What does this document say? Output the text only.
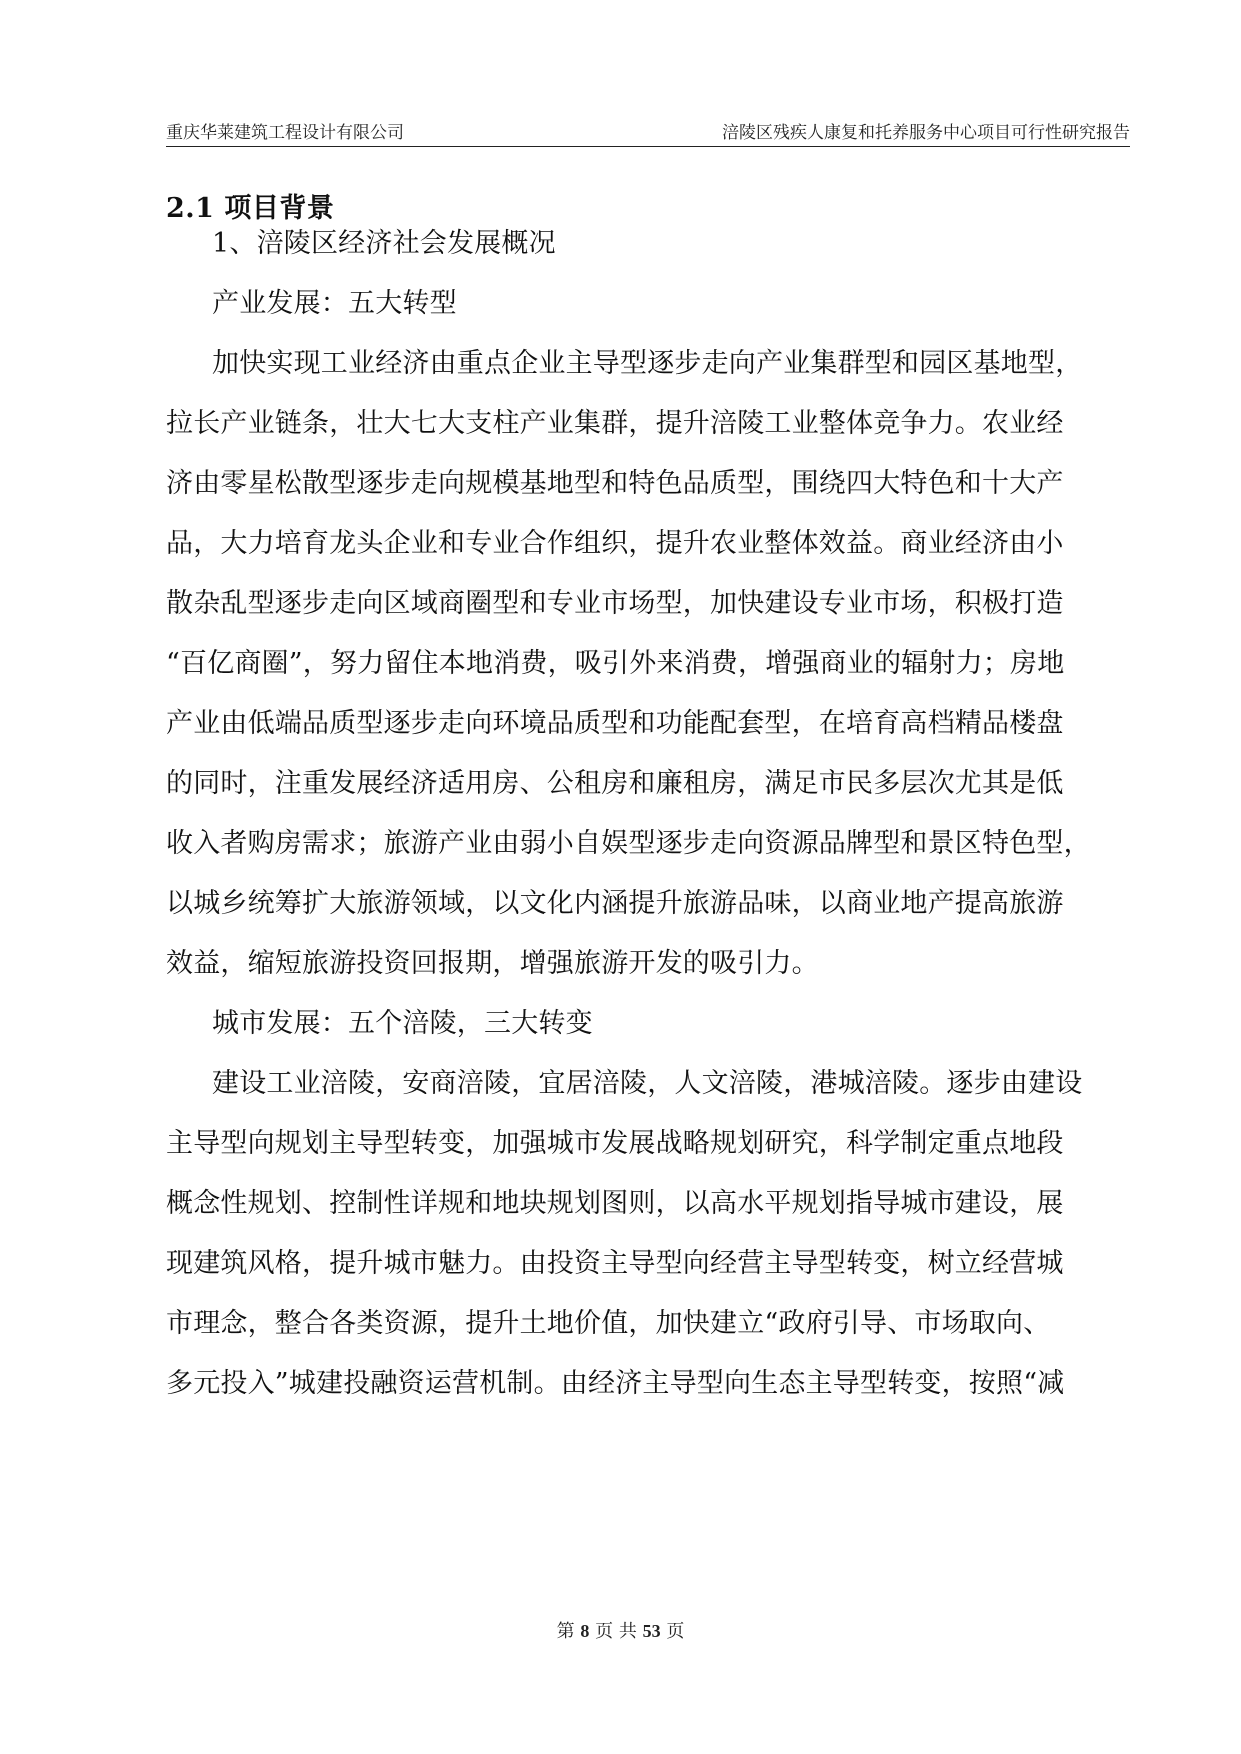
重庆华莱建筑工程设计有限公司	涪陵区残疾人康复和托养服务中心项目可行性研究报告
2.1 项目背景
1、涪陵区经济社会发展概况
产业发展：五大转型
加快实现工业经济由重点企业主导型逐步走向产业集群型和园区基地型，
拉长产业链条，壮大七大支柱产业集群，提升涪陵工业整体竞争力。农业经
济由零星松散型逐步走向规模基地型和特色品质型，围绕四大特色和十大产
品，大力培育龙头企业和专业合作组织，提升农业整体效益。商业经济由小
散杂乱型逐步走向区域商圈型和专业市场型，加快建设专业市场，积极打造
“百亿商圈”，努力留住本地消费，吸引外来消费，增强商业的辐射力；房地
产业由低端品质型逐步走向环境品质型和功能配套型，在培育高档精品楼盘
的同时，注重发展经济适用房、公租房和廉租房，满足市民多层次尤其是低
收入者购房需求；旅游产业由弱小自娱型逐步走向资源品牌型和景区特色型，
以城乡统筹扩大旅游领域，以文化内涵提升旅游品味，以商业地产提高旅游
效益，缩短旅游投资回报期，增强旅游开发的吸引力。
城市发展：五个涪陵，三大转变
建设工业涪陵，安商涪陵，宜居涪陵，人文涪陵，港城涪陵。逐步由建设
主导型向规划主导型转变，加强城市发展战略规划研究，科学制定重点地段
概念性规划、控制性详规和地块规划图则，以高水平规划指导城市建设，展
现建筑风格，提升城市魅力。由投资主导型向经营主导型转变，树立经营城
市理念，整合各类资源，提升土地价值，加快建立“政府引导、市场取向、
多元投入”城建投融资运营机制。由经济主导型向生态主导型转变，按照“减
第 8 页 共 53 页
